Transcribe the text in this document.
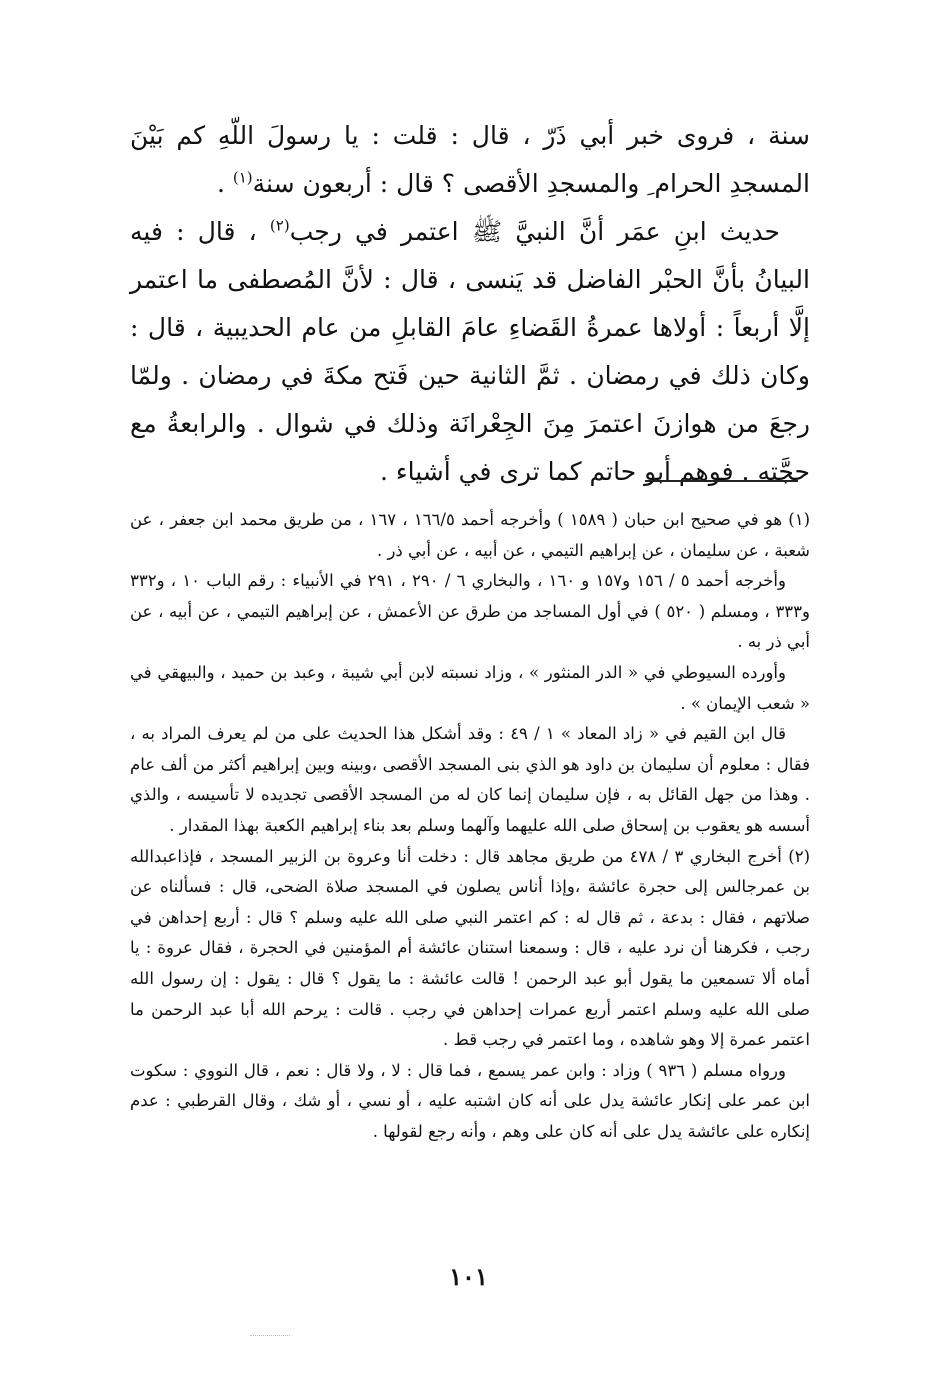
سنة ، فروى خبر أبي ذَرّ ، قال : قلت : يا رسولَ اللّهِ كم بَيْنَ المسجدِ الحرام ِ والمسجدِ الأقصى ؟ قال : أربعون سنة$^{(١)}$ .

حديث ابنِ عمَر أنَّ النبيَّ ﷺ اعتمر في رجب$^{(٢)}$ ، قال : فيه البيانُ بأنَّ الحبْر الفاضل قد يَنسى ، قال : لأنَّ المُصطفى ما اعتمر إلَّا أربعاً : أولاها عمرةُ القَضاءِ عامَ القابلِ من عام الحديبية ، قال : وكان ذلك في رمضان . ثمَّ الثانية حين فَتح مكةَ في رمضان . ولمّا رجعَ من هوازنَ اعتمرَ مِنَ الجِعْرانَة وذلك في شوال . والرابعةُ مع حجَّته . فوهم أبو حاتم كما ترى في أشياء .

(١) هو في صحيح ابن حبان ( ١٥٨٩ ) وأخرجه أحمد ١٦٦/٥ ، ١٦٧ ، من طريق محمد ابن جعفر ، عن شعبة ، عن سليمان ، عن إبراهيم التيمي ، عن أبيه ، عن أبي ذر .

وأخرجه أحمد ٥ / ١٥٦ و١٥٧ و ١٦٠ ، والبخاري ٦ / ٢٩٠ ، ٢٩١ في الأنبياء : رقم الباب ١٠ ، و٣٣٢ و٣٣٣ ، ومسلم ( ٥٢٠ ) في أول المساجد من طرق عن الأعمش ، عن إبراهيم التيمي ، عن أبيه ، عن أبي ذر به .

وأورده السيوطي في « الدر المنثور » ، وزاد نسبته لابن أبي شيبة ، وعبد بن حميد ، والبيهقي في « شعب الإيمان » .

قال ابن القيم في « زاد المعاد » ١ / ٤٩ : وقد أشكل هذا الحديث على من لم يعرف المراد به ، فقال : معلوم أن سليمان بن داود هو الذي بنى المسجد الأقصى ،وبينه وبين إبراهيم أكثر من ألف عام . وهذا من جهل القائل به ، فإن سليمان إنما كان له من المسجد الأقصى تجديده لا تأسيسه ، والذي أسسه هو يعقوب بن إسحاق صلى الله عليهما وآلهما وسلم بعد بناء إبراهيم الكعبة بهذا المقدار .

(٢) أخرج البخاري ٣ / ٤٧٨ من طريق مجاهد قال : دخلت أنا وعروة بن الزبير المسجد ، فإذاعبدالله بن عمرجالس إلى حجرة عائشة ،وإذا أناس يصلون في المسجد صلاة الضحى، قال : فسألناه عن صلاتهم ، فقال : بدعة ، ثم قال له : كم اعتمر النبي صلى الله عليه وسلم ؟ قال : أربع إحداهن في رجب ، فكرهنا أن نرد عليه ، قال : وسمعنا استنان عائشة أم المؤمنين في الحجرة ، فقال عروة : يا أماه ألا تسمعين ما يقول أبو عبد الرحمن ! قالت عائشة : ما يقول ؟ قال : يقول : إن رسول الله صلى الله عليه وسلم اعتمر أربع عمرات إحداهن في رجب . قالت : يرحم الله أبا عبد الرحمن ما اعتمر عمرة إلا وهو شاهده ، وما اعتمر في رجب قط .

ورواه مسلم ( ٩٣٦ ) وزاد : وابن عمر يسمع ، فما قال : لا ، ولا قال : نعم ، قال النووي : سكوت ابن عمر على إنكار عائشة يدل على أنه كان اشتبه عليه ، أو نسي ، أو شك ، وقال القرطبي : عدم إنكاره على عائشة يدل على أنه كان على وهم ، وأنه رجع لقولها .

١٠١
